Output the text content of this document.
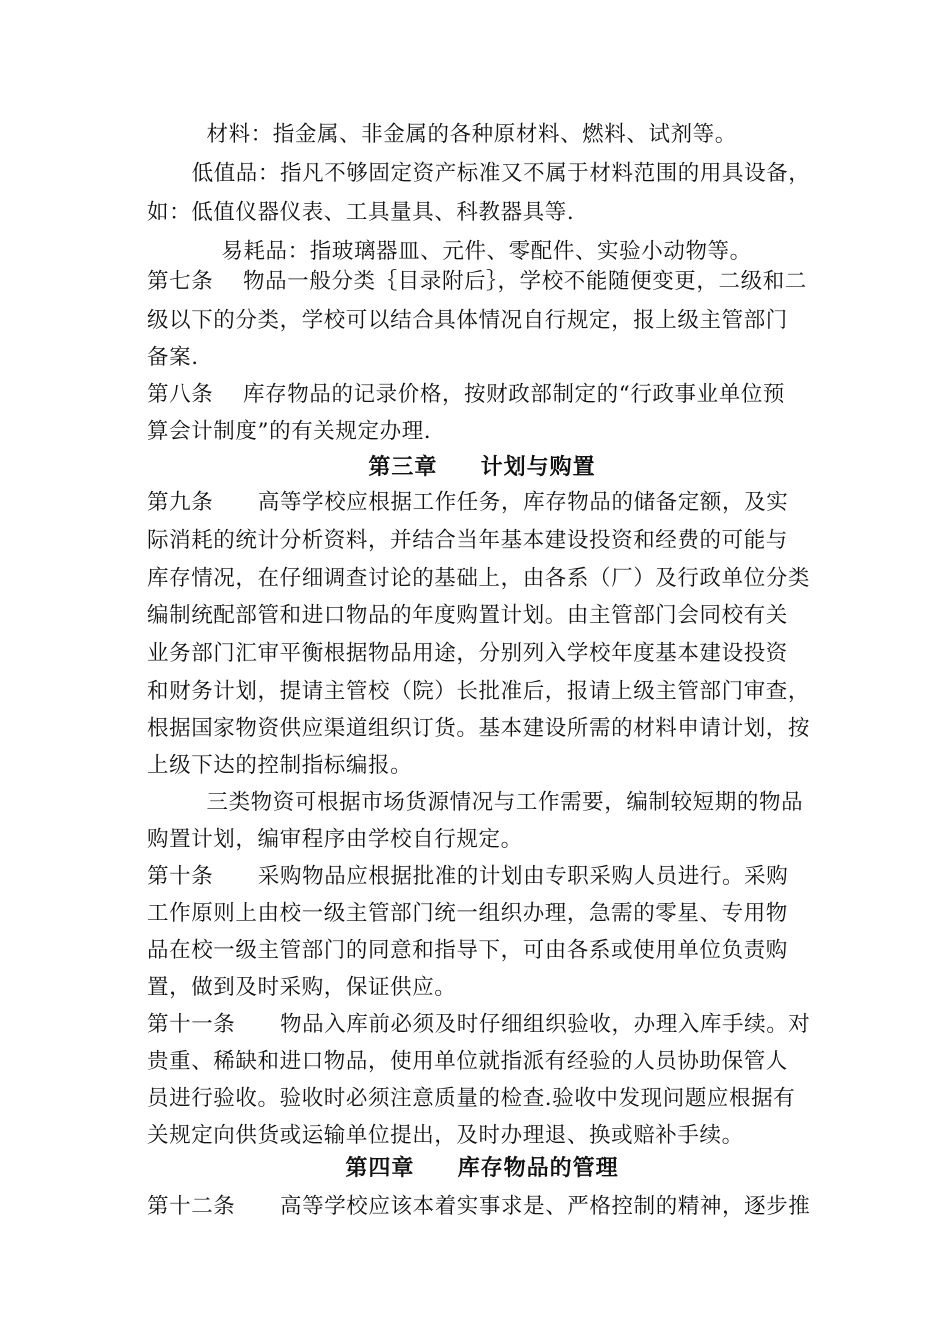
材料：指金属、非金属的各种原材料、燃料、试剂等。
低值品：指凡不够固定资产标准又不属于材料范围的用具设备，
如：低值仪器仪表、工具量具、科教器具等.
易耗品：指玻璃器皿、元件、零配件、实验小动物等。
第七条    物品一般分类｛目录附后｝，学校不能随便变更，二级和二
级以下的分类，学校可以结合具体情况自行规定，报上级主管部门
备案.
第八条    库存物品的记录价格，按财政部制定的“行政事业单位预
算会计制度”的有关规定办理.
第三章     计划与购置
第九条      高等学校应根据工作任务，库存物品的储备定额，及实
际消耗的统计分析资料，并结合当年基本建设投资和经费的可能与
库存情况，在仔细调查讨论的基础上，由各系（厂）及行政单位分类
编制统配部管和进口物品的年度购置计划。由主管部门会同校有关
业务部门汇审平衡根据物品用途，分别列入学校年度基本建设投资
和财务计划，提请主管校（院）长批准后，报请上级主管部门审查，
根据国家物资供应渠道组织订货。基本建设所需的材料申请计划，按
上级下达的控制指标编报。
三类物资可根据市场货源情况与工作需要，编制较短期的物品
购置计划，编审程序由学校自行规定。
第十条      采购物品应根据批准的计划由专职采购人员进行。采购
工作原则上由校一级主管部门统一组织办理，急需的零星、专用物
品在校一级主管部门的同意和指导下，可由各系或使用单位负责购
置，做到及时采购，保证供应。
第十一条      物品入库前必须及时仔细组织验收，办理入库手续。对
贵重、稀缺和进口物品，使用单位就指派有经验的人员协助保管人
员进行验收。验收时必须注意质量的检查.验收中发现问题应根据有
关规定向供货或运输单位提出，及时办理退、换或赔补手续。
第四章     库存物品的管理
第十二条      高等学校应该本着实事求是、严格控制的精神，逐步推
